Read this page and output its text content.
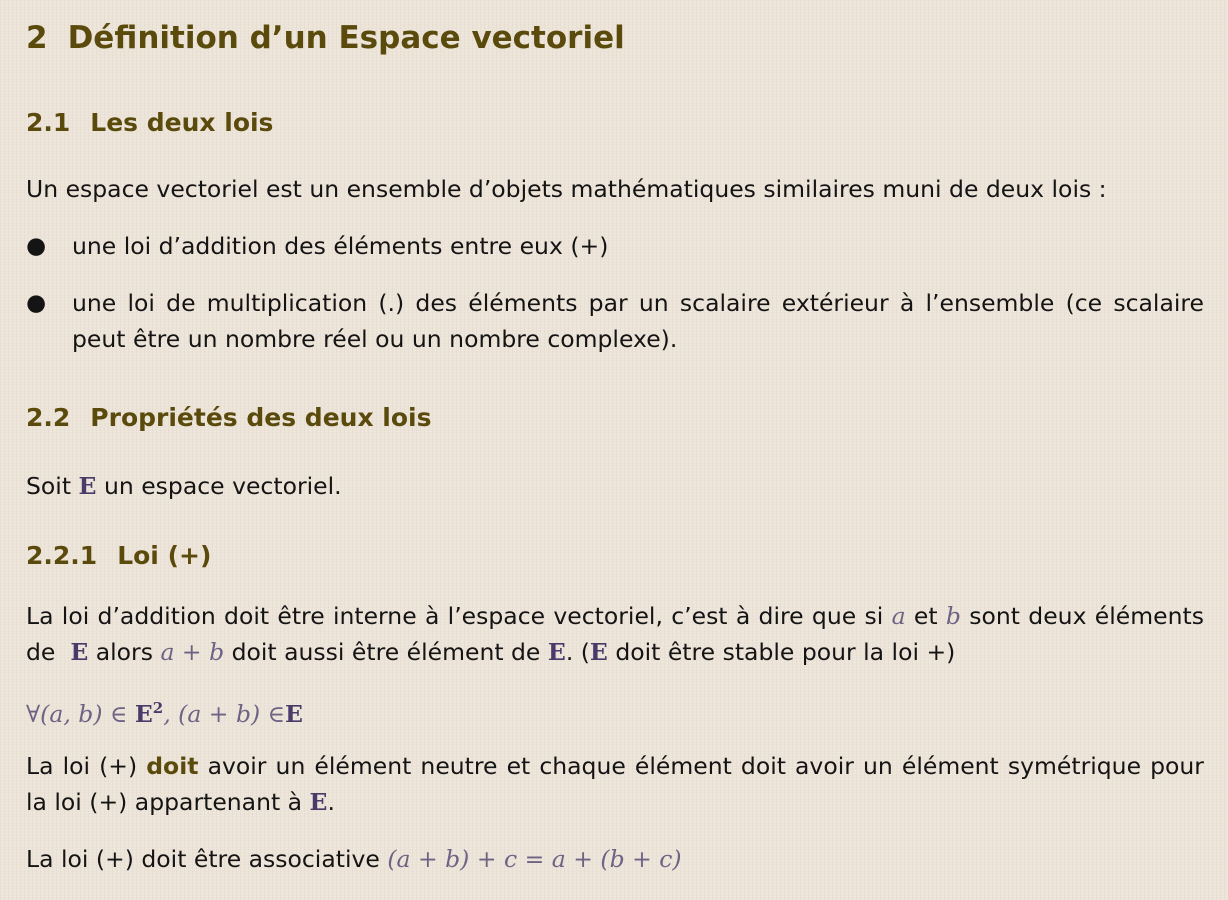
2 Définition d’un Espace vectoriel
2.1 Les deux lois

Un espace vectoriel est un ensemble d’objets mathématiques similaires muni de deux lois :

● une loi d’addition des éléments entre eux (+)

● une loi de multiplication (.) des éléments par un scalaire extérieur à l’ensemble (ce scalaire peut être un nombre réel ou un nombre complexe).

2.2 Propriétés des deux lois

Soit E un espace vectoriel.

2.2.1 Loi (+)

La loi d’addition doit être interne à l’espace vectoriel, c’est à dire que si a et b sont deux éléments de E alors a + b doit aussi être élément de E. (E doit être stable pour la loi +)

∀(a, b) ∈ $E^2$, (a + b) ∈E

La loi (+) doit avoir un élément neutre et chaque élément doit avoir un élément symétrique pour la loi (+) appartenant à E.

La loi (+) doit être associative (a + b) + c = a + (b + c)
